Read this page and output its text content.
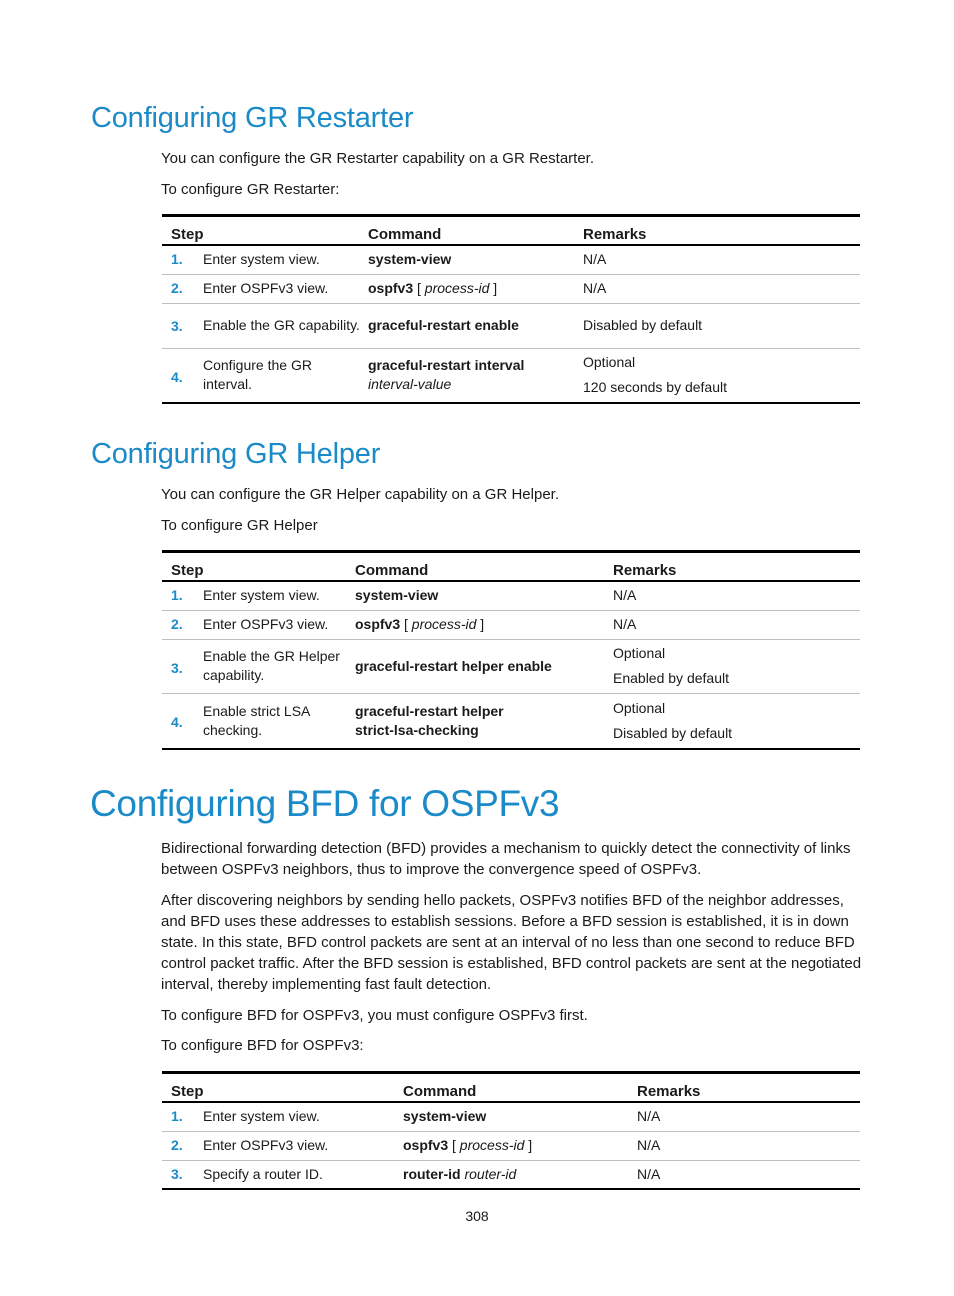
Configuring GR Restarter

You can configure the GR Restarter capability on a GR Restarter.

To configure GR Restarter:

Step		Command	Remarks
1.	Enter system view.	system-view	N/A

2.	Enter OSPFv3 view.	ospfv3 [ process-id ]	N/A

3.	Enable the GR capability.	graceful-restart enable	Disabled by default

4.	Configure the GR interval.	graceful-restart interval
interval-value	Optional
120 seconds by default
Configuring GR Helper

You can configure the GR Helper capability on a GR Helper.

To configure GR Helper

Step		Command	Remarks
1.	Enter system view.	system-view	N/A

2.	Enter OSPFv3 view.	ospfv3 [ process-id ]	N/A

3.	Enable the GR Helper capability.	graceful-restart helper enable	Optional
Enabled by default

4.	Enable strict LSA checking.	graceful-restart helper
strict-lsa-checking	Optional
Disabled by default
Configuring BFD for OSPFv3

Bidirectional forwarding detection (BFD) provides a mechanism to quickly detect the connectivity of links between OSPFv3 neighbors, thus to improve the convergence speed of OSPFv3.

After discovering neighbors by sending hello packets, OSPFv3 notifies BFD of the neighbor addresses, and BFD uses these addresses to establish sessions. Before a BFD session is established, it is in down state. In this state, BFD control packets are sent at an interval of no less than one second to reduce BFD control packet traffic. After the BFD session is established, BFD control packets are sent at the negotiated interval, thereby implementing fast fault detection.

To configure BFD for OSPFv3, you must configure OSPFv3 first.

To configure BFD for OSPFv3:

Step		Command	Remarks
1.	Enter system view.	system-view	N/A

2.	Enter OSPFv3 view.	ospfv3 [ process-id ]	N/A

3.	Specify a router ID.	router-id router-id	N/A
308
